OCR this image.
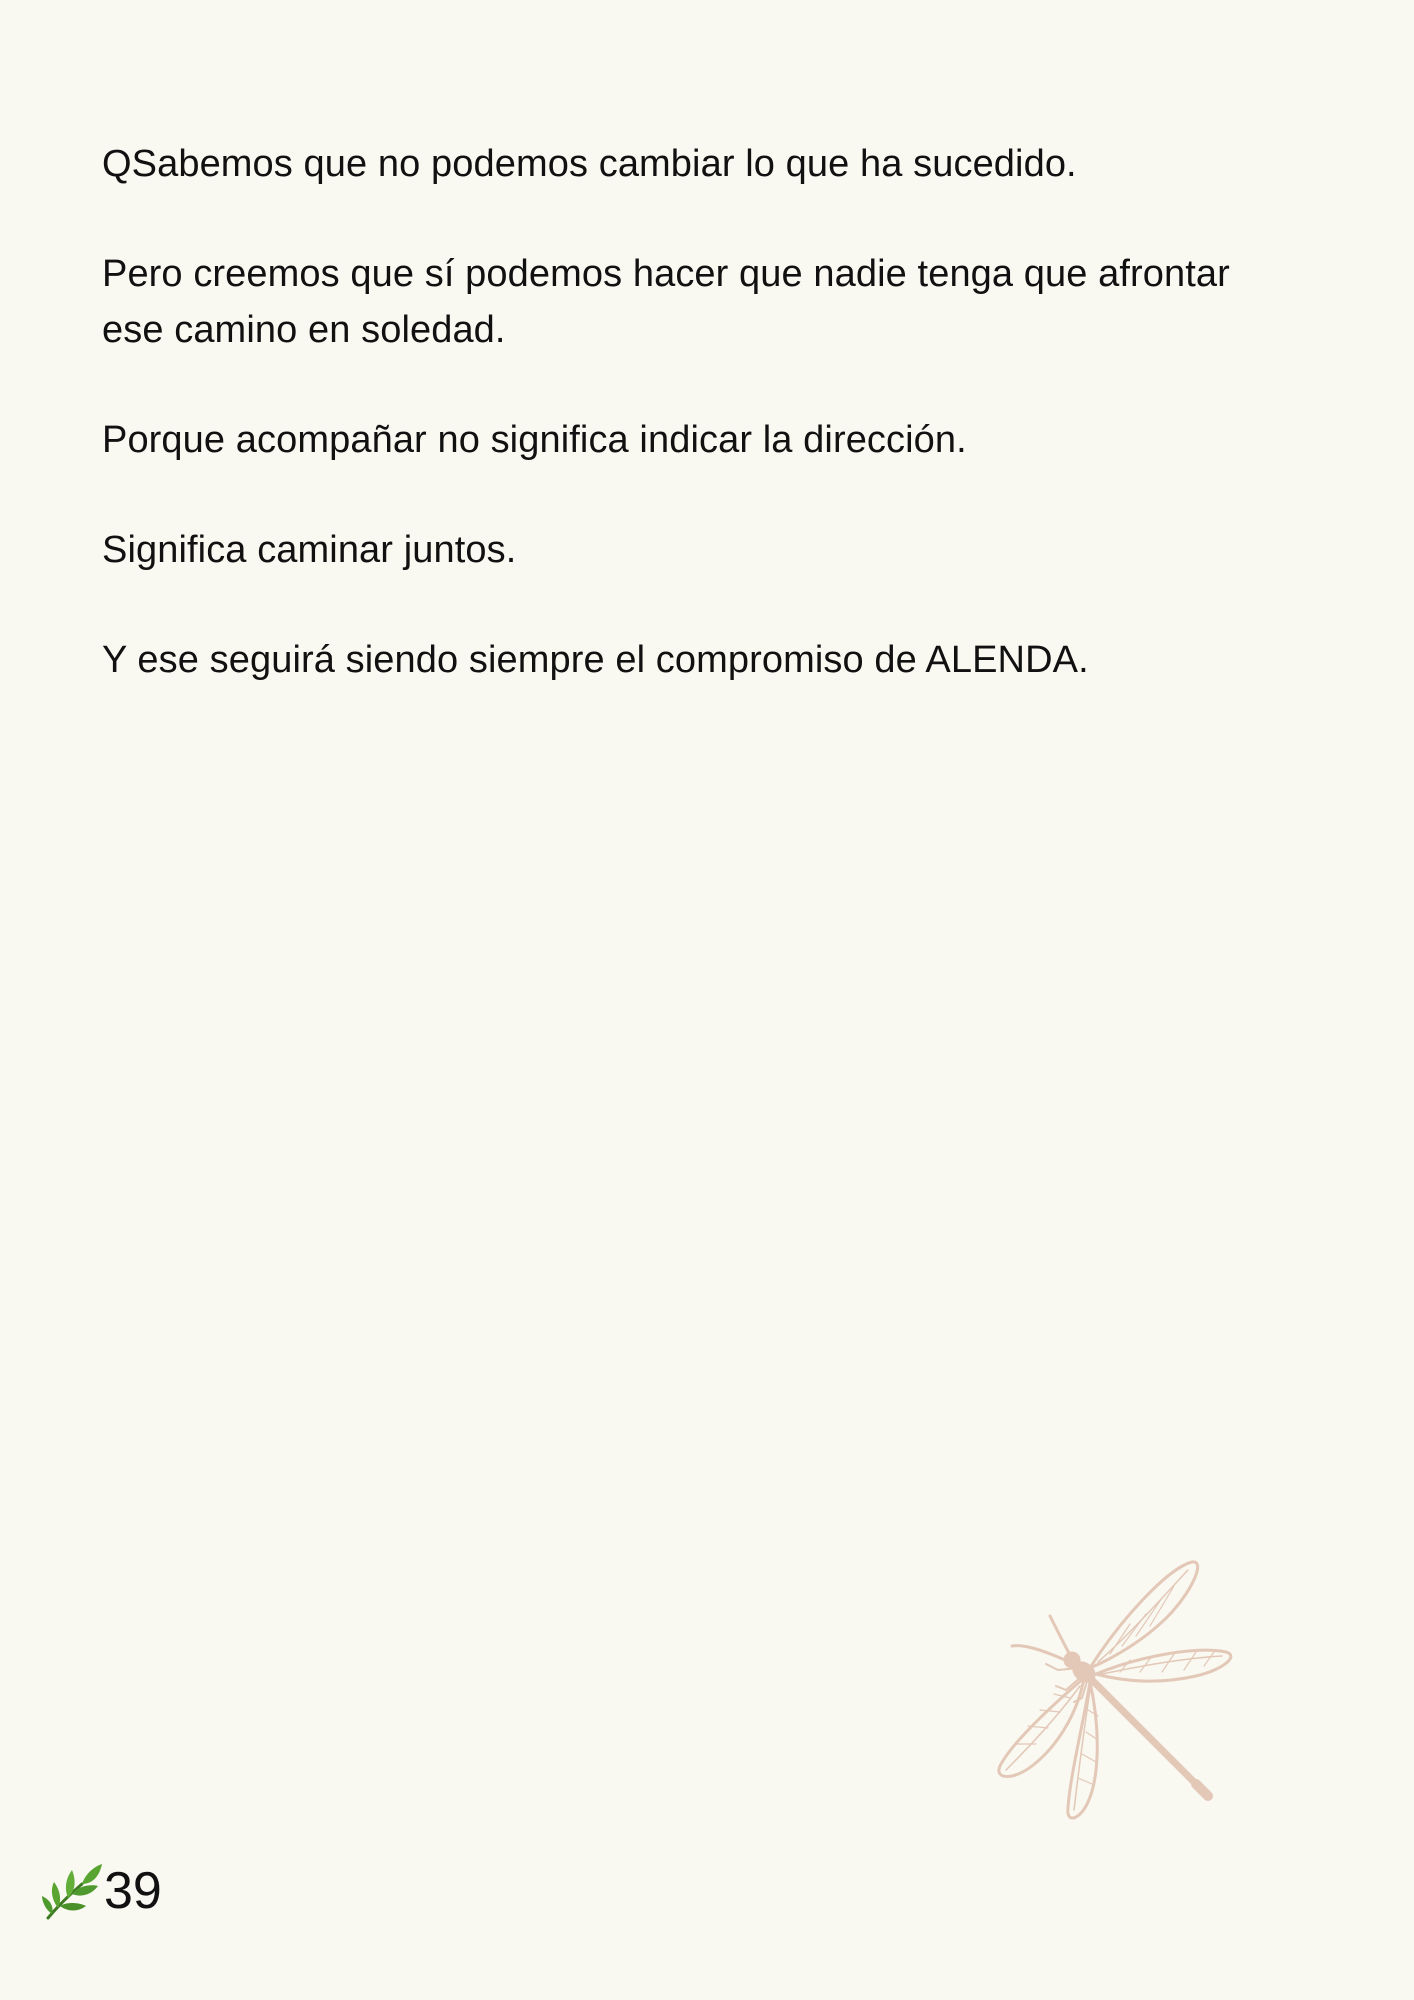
QSabemos que no podemos cambiar lo que ha sucedido.

Pero creemos que sí podemos hacer que nadie tenga que afrontar ese camino en soledad.

Porque acompañar no significa indicar la dirección.

Significa caminar juntos.

Y ese seguirá siendo siempre el compromiso de ALENDA.

39
